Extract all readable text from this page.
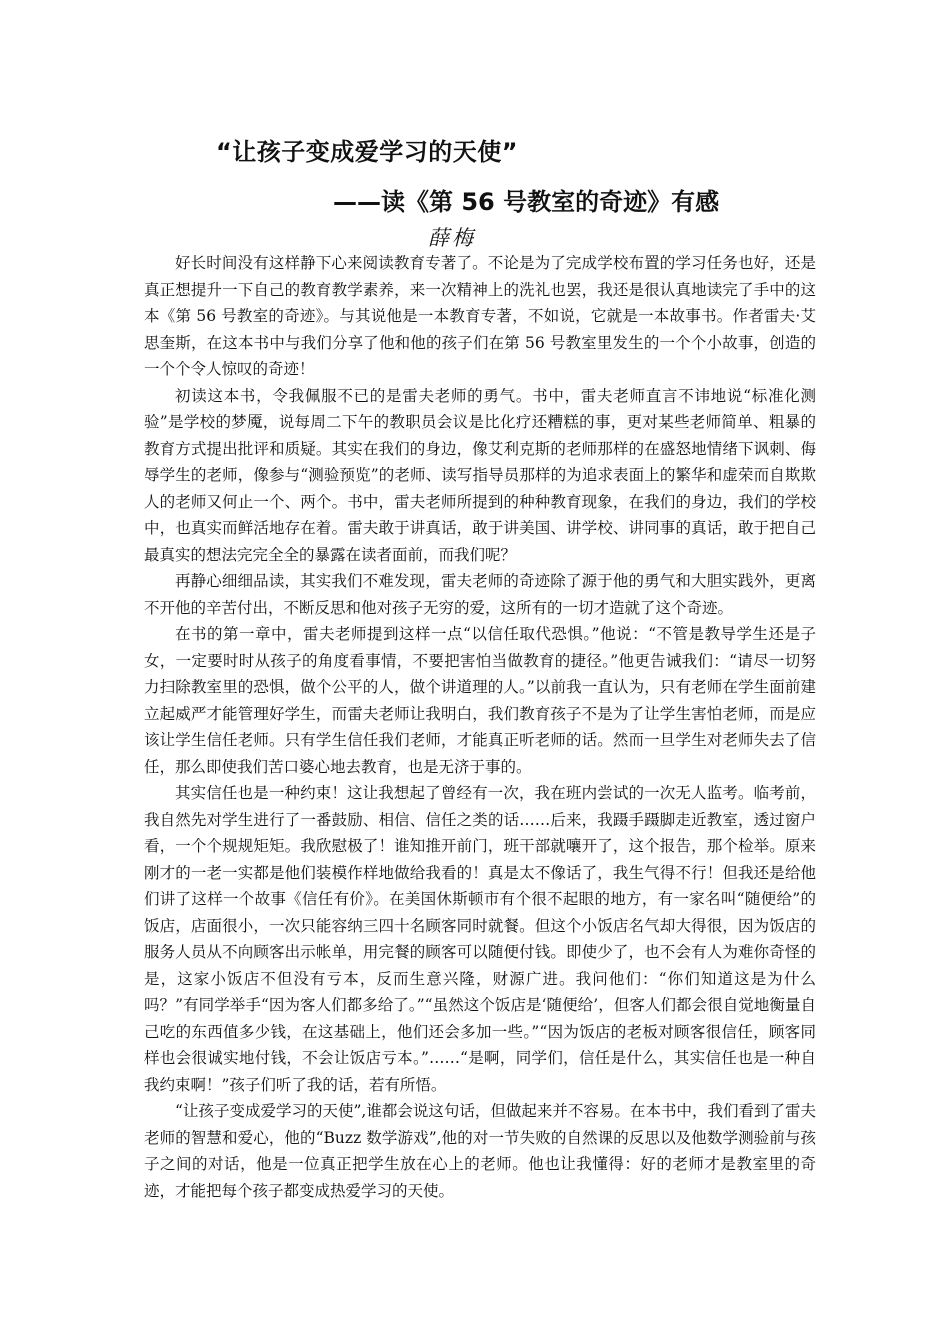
“让孩子变成爱学习的天使”
——读《第 56 号教室的奇迹》有感
薛梅

好长时间没有这样静下心来阅读教育专著了。不论是为了完成学校布置的学习任务也好，还是真正想提升一下自己的教育教学素养，来一次精神上的洗礼也罢，我还是很认真地读完了手中的这本《第 56 号教室的奇迹》。与其说他是一本教育专著，不如说，它就是一本故事书。作者雷夫·艾思奎斯，在这本书中与我们分享了他和他的孩子们在第 56 号教室里发生的一个个小故事，创造的一个个令人惊叹的奇迹！

初读这本书，令我佩服不已的是雷夫老师的勇气。书中，雷夫老师直言不讳地说“标准化测验”是学校的梦魇，说每周二下午的教职员会议是比化疗还糟糕的事，更对某些老师简单、粗暴的教育方式提出批评和质疑。其实在我们的身边，像艾利克斯的老师那样的在盛怒地情绪下讽刺、侮辱学生的老师，像参与“测验预览”的老师、读写指导员那样的为追求表面上的繁华和虚荣而自欺欺人的老师又何止一个、两个。书中，雷夫老师所提到的种种教育现象，在我们的身边，我们的学校中，也真实而鲜活地存在着。雷夫敢于讲真话，敢于讲美国、讲学校、讲同事的真话，敢于把自己最真实的想法完完全全的暴露在读者面前，而我们呢？

再静心细细品读，其实我们不难发现，雷夫老师的奇迹除了源于他的勇气和大胆实践外，更离不开他的辛苦付出，不断反思和他对孩子无穷的爱，这所有的一切才造就了这个奇迹。

在书的第一章中，雷夫老师提到这样一点“以信任取代恐惧。”他说：“不管是教导学生还是子女，一定要时时从孩子的角度看事情，不要把害怕当做教育的捷径。”他更告诫我们：“请尽一切努力扫除教室里的恐惧，做个公平的人，做个讲道理的人。”以前我一直认为，只有老师在学生面前建立起威严才能管理好学生，而雷夫老师让我明白，我们教育孩子不是为了让学生害怕老师，而是应该让学生信任老师。只有学生信任我们老师，才能真正听老师的话。然而一旦学生对老师失去了信任，那么即使我们苦口婆心地去教育，也是无济于事的。

其实信任也是一种约束！这让我想起了曾经有一次，我在班内尝试的一次无人监考。临考前，我自然先对学生进行了一番鼓励、相信、信任之类的话……后来，我蹑手蹑脚走近教室，透过窗户看，一个个规规矩矩。我欣慰极了！谁知推开前门，班干部就嚷开了，这个报告，那个检举。原来刚才的一老一实都是他们装模作样地做给我看的！真是太不像话了，我生气得不行！但我还是给他们讲了这样一个故事《信任有价》。在美国休斯顿市有个很不起眼的地方，有一家名叫“随便给”的饭店，店面很小，一次只能容纳三四十名顾客同时就餐。但这个小饭店名气却大得很，因为饭店的服务人员从不向顾客出示帐单，用完餐的顾客可以随便付钱。即使少了，也不会有人为难你奇怪的是，这家小饭店不但没有亏本，反而生意兴隆，财源广进。我问他们：“你们知道这是为什么吗？”有同学举手“因为客人们都多给了。”“虽然这个饭店是‘随便给’，但客人们都会很自觉地衡量自己吃的东西值多少钱，在这基础上，他们还会多加一些。”“因为饭店的老板对顾客很信任，顾客同样也会很诚实地付钱，不会让饭店亏本。”……“是啊，同学们，信任是什么，其实信任也是一种自我约束啊！”孩子们听了我的话，若有所悟。

“让孩子变成爱学习的天使”,谁都会说这句话，但做起来并不容易。在本书中，我们看到了雷夫老师的智慧和爱心，他的“Buzz 数学游戏”,他的对一节失败的自然课的反思以及他数学测验前与孩子之间的对话，他是一位真正把学生放在心上的老师。他也让我懂得：好的老师才是教室里的奇迹，才能把每个孩子都变成热爱学习的天使。
